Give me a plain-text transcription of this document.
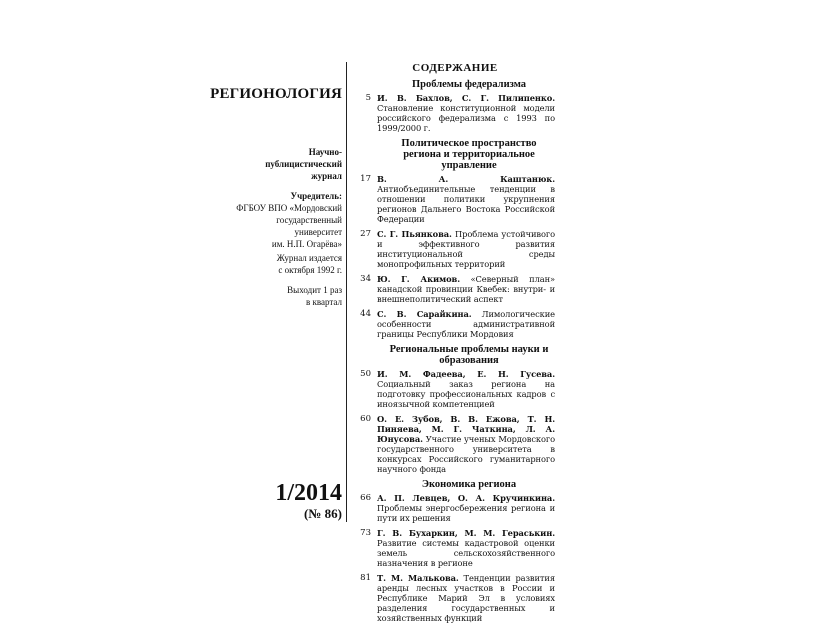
РЕГИОНОЛОГИЯ
Научно-
публицистический
журнал
Учредитель:
ФГБОУ ВПО «Мордовский
государственный
университет
им. Н.П. Огарёва»
Журнал издается
с октября 1992 г.
Выходит 1 раз
в квартал
1/2014
(№ 86)
СОДЕРЖАНИЕ
Проблемы федерализма
5 И. В. Бахлов, С. Г. Пилипенко. Становление конституционной модели российского федерализма с 1993 по 1999/2000 г.
Политическое пространство региона и территориальное управление
17 В. А. Каштанюк. Антиобъединительные тенденции в отношении политики укрупнения регионов Дальнего Востока Российской Федерации
27 С. Г. Пьянкова. Проблема устойчивого и эффективного развития институциональной среды монопрофильных территорий
34 Ю. Г. Акимов. «Северный план» канадской провинции Квебек: внутри- и внешнеполитический аспект
44 С. В. Сарайкина. Лимологические особенности административной границы Республики Мордовия
Региональные проблемы науки и образования
50 И. М. Фадеева, Е. Н. Гусева. Социальный заказ региона на подготовку профессиональных кадров с иноязычной компетенцией
60 О. Е. Зубов, В. В. Ежова, Т. Н. Пиняева, М. Г. Чаткина, Л. А. Юнусова. Участие ученых Мордовского государственного университета в конкурсах Российского гуманитарного научного фонда
Экономика региона
66 А. П. Левцев, О. А. Кручинкина. Проблемы энергосбережения региона и пути их решения
73 Г. В. Бухаркин, М. М. Гераськин. Развитие системы кадастровой оценки земель сельскохозяйственного назначения в регионе
81 Т. М. Малькова. Тенденции развития аренды лесных участков в России и Республике Марий Эл в условиях разделения государственных и хозяйственных функций
